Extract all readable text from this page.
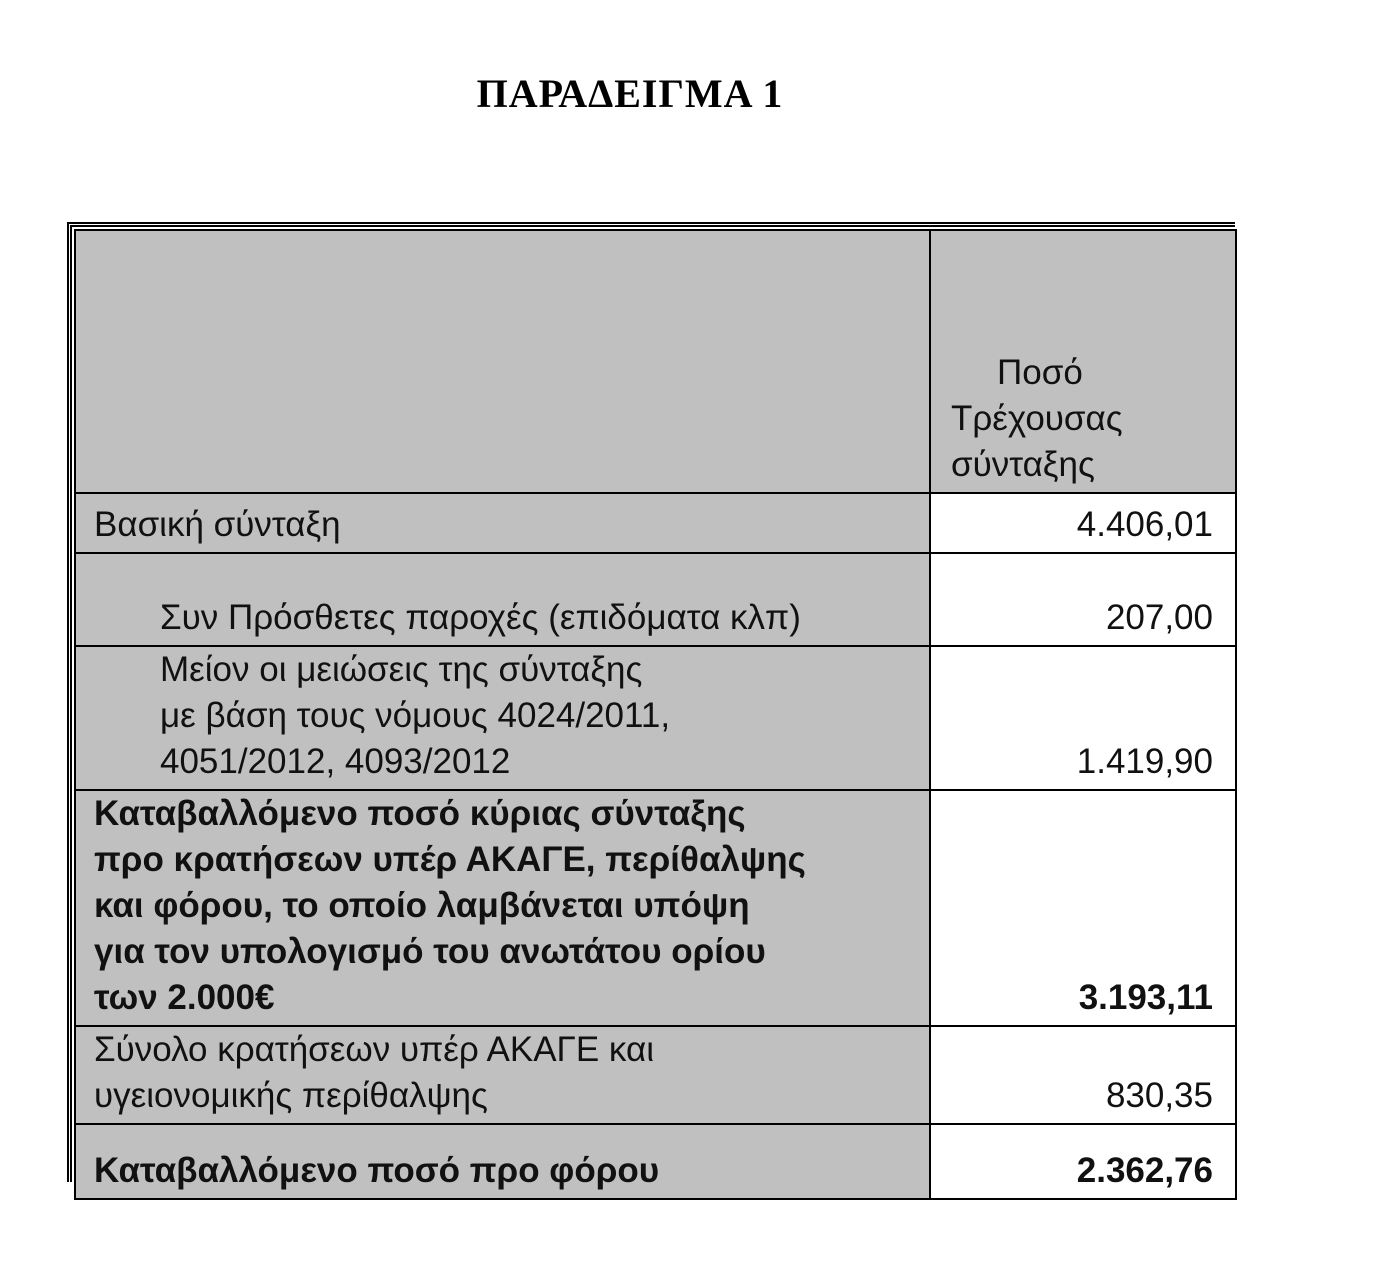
ΠΑΡΑΔΕΙΓΜΑ 1

	Ποσό
Τρέχουσας
σύνταξης

Βασική σύνταξη	4.406,01

Συν Πρόσθετες παροχές (επιδόματα κλπ)	207,00

Μείον οι μειώσεις της σύνταξης
με βάση τους νόμους 4024/2011,
4051/2012, 4093/2012	1.419,90

Καταβαλλόμενο ποσό κύριας σύνταξης
προ κρατήσεων υπέρ ΑΚΑΓΕ, περίθαλψης
και φόρου, το οποίο λαμβάνεται υπόψη
για τον υπολογισμό του ανωτάτου ορίου
των 2.000€	3.193,11

Σύνολο κρατήσεων υπέρ ΑΚΑΓΕ και
υγειονομικής περίθαλψης	830,35

Καταβαλλόμενο ποσό προ φόρου	2.362,76
